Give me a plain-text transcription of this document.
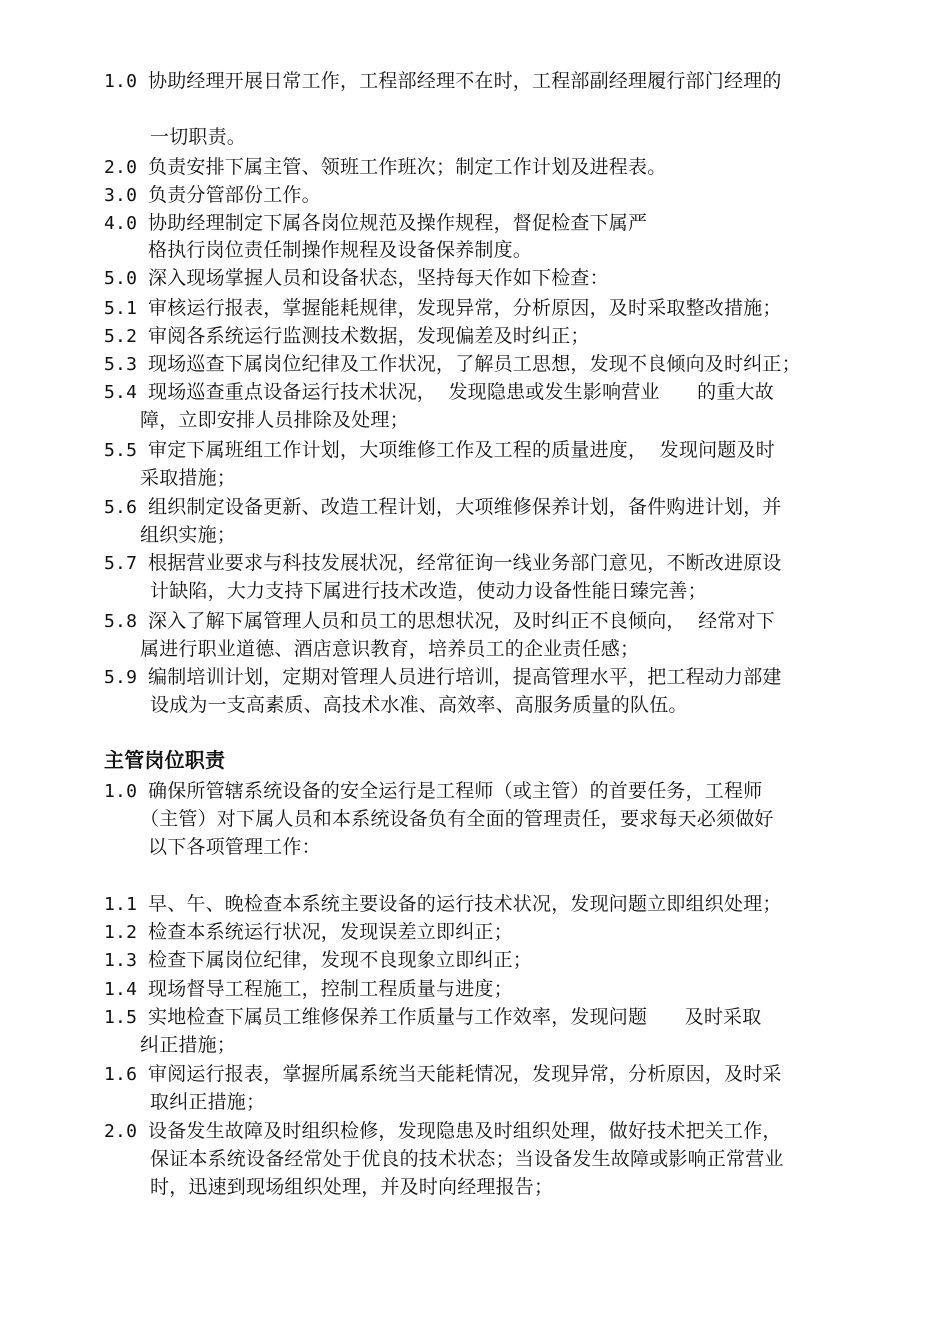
1.0 协助经理开展日常工作，工程部经理不在时，工程部副经理履行部门经理的
一切职责。
2.0 负责安排下属主管、领班工作班次；制定工作计划及进程表。
3.0 负责分管部份工作。
4.0 协助经理制定下属各岗位规范及操作规程，督促检查下属严
格执行岗位责任制操作规程及设备保养制度。
5.0 深入现场掌握人员和设备状态，坚持每天作如下检查：
5.1 审核运行报表，掌握能耗规律，发现异常，分析原因，及时采取整改措施；
5.2 审阅各系统运行监测技术数据，发现偏差及时纠正；
5.3 现场巡查下属岗位纪律及工作状况，了解员工思想，发现不良倾向及时纠正；
5.4 现场巡查重点设备运行技术状况，  发现隐患或发生影响营业      的重大故
障，立即安排人员排除及处理；
5.5 审定下属班组工作计划，大项维修工作及工程的质量进度，  发现问题及时
采取措施；
5.6 组织制定设备更新、改造工程计划，大项维修保养计划，备件购进计划，并
组织实施；
5.7 根据营业要求与科技发展状况，经常征询一线业务部门意见，不断改进原设
计缺陷，大力支持下属进行技术改造，使动力设备性能日臻完善；
5.8 深入了解下属管理人员和员工的思想状况，及时纠正不良倾向，  经常对下
属进行职业道德、酒店意识教育，培养员工的企业责任感；
5.9 编制培训计划，定期对管理人员进行培训，提高管理水平，把工程动力部建
设成为一支高素质、高技术水准、高效率、高服务质量的队伍。
主管岗位职责
1.0 确保所管辖系统设备的安全运行是工程师（或主管）的首要任务，工程师
（主管）对下属人员和本系统设备负有全面的管理责任，要求每天必须做好
以下各项管理工作：
1.1 早、午、晚检查本系统主要设备的运行技术状况，发现问题立即组织处理；
1.2 检查本系统运行状况，发现误差立即纠正；
1.3 检查下属岗位纪律，发现不良现象立即纠正；
1.4 现场督导工程施工，控制工程质量与进度；
1.5 实地检查下属员工维修保养工作质量与工作效率，发现问题      及时采取
纠正措施；
1.6 审阅运行报表，掌握所属系统当天能耗情况，发现异常，分析原因，及时采
取纠正措施；
2.0 设备发生故障及时组织检修，发现隐患及时组织处理，做好技术把关工作，
保证本系统设备经常处于优良的技术状态；当设备发生故障或影响正常营业
时，迅速到现场组织处理，并及时向经理报告；
